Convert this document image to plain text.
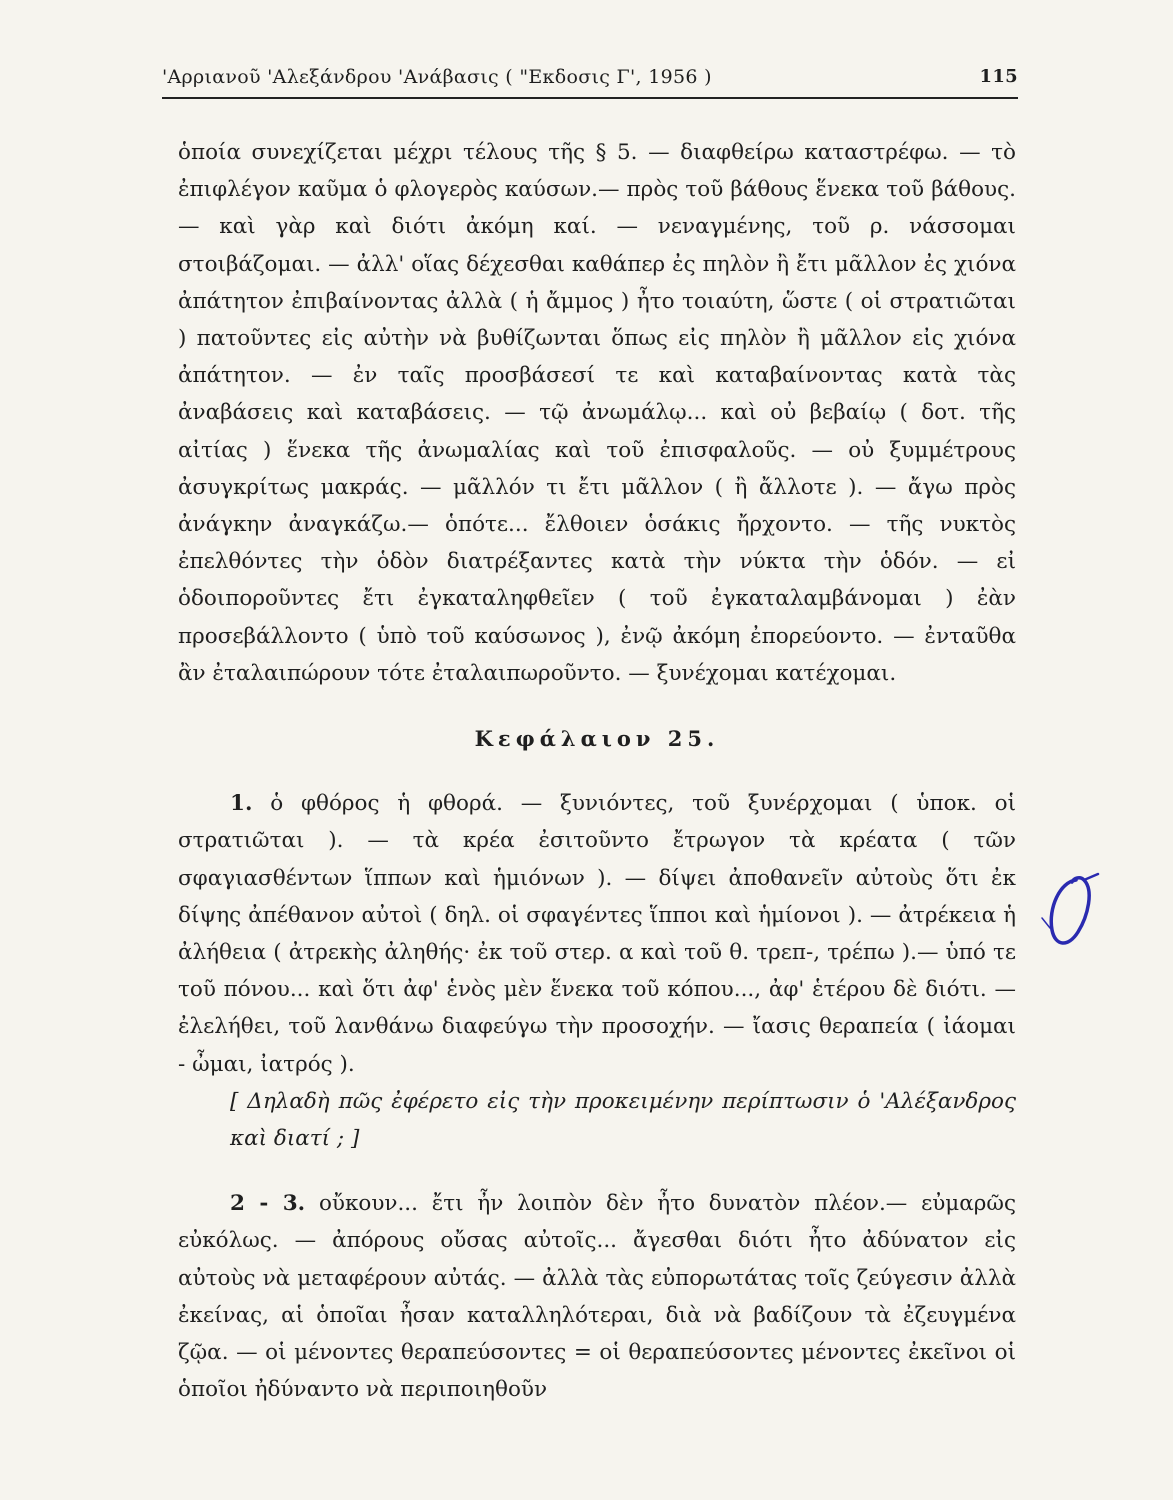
'Αρριανοῦ 'Αλεξάνδρου 'Ανάβασις ( "Εκδοσις Γ', 1956 )	115

ὁποία συνεχίζεται μέχρι τέλους τῆς § 5. — διαφθείρω καταστρέφω. — τὸ ἐπιφλέγον καῦμα ὁ φλογερὸς καύσων.— πρὸς τοῦ βάθους ἕνεκα τοῦ βάθους. — καὶ γὰρ καὶ διότι ἀκόμη καί. — νεναγμένης, τοῦ ρ. νάσσομαι στοιβάζομαι. — ἀλλ' οἵας δέχεσθαι καθάπερ ἐς πηλὸν ἢ ἔτι μᾶλλον ἐς χιόνα ἀπάτητον ἐπιβαίνοντας ἀλλὰ ( ἡ ἄμμος ) ἦτο τοιαύτη, ὥστε ( οἱ στρατιῶται ) πατοῦντες εἰς αὐτὴν νὰ βυθίζωνται ὅπως εἰς πηλὸν ἢ μᾶλλον εἰς χιόνα ἀπάτητον. — ἐν ταῖς προσβάσεσί τε καὶ καταβαίνοντας κατὰ τὰς ἀναβάσεις καὶ καταβάσεις. — τῷ ἀνωμάλῳ... καὶ οὐ βεβαίῳ ( δοτ. τῆς αἰτίας ) ἕνεκα τῆς ἀνωμαλίας καὶ τοῦ ἐπισφαλοῦς. — οὐ ξυμμέτρους ἀσυγκρίτως μακράς. — μᾶλλόν τι ἔτι μᾶλλον ( ἢ ἄλλοτε ). — ἄγω πρὸς ἀνάγκην ἀναγκάζω.— ὁπότε... ἔλθοιεν ὁσάκις ἤρχοντο. — τῆς νυκτὸς ἐπελθόντες τὴν ὁδὸν διατρέξαντες κατὰ τὴν νύκτα τὴν ὁδόν. — εἰ ὁδοιποροῦντες ἔτι ἐγκαταληφθεῖεν ( τοῦ ἐγκαταλαμβάνομαι ) ἐὰν προσεβάλλοντο ( ὑπὸ τοῦ καύσωνος ), ἐνῷ ἀκόμη ἐπορεύοντο. — ἐνταῦθα ἂν ἐταλαιπώρουν τότε ἐταλαιπωροῦντο. — ξυνέχομαι κατέχομαι.

Κεφάλαιον 25.

1. ὁ φθόρος ἡ φθορά. — ξυνιόντες, τοῦ ξυνέρχομαι ( ὑποκ. οἱ στρατιῶται ). — τὰ κρέα ἐσιτοῦντο ἔτρωγον τὰ κρέατα ( τῶν σφαγιασθέντων ἵππων καὶ ἡμιόνων ). — δίψει ἀποθανεῖν αὐτοὺς ὅτι ἐκ δίψης ἀπέθανον αὐτοὶ ( δηλ. οἱ σφαγέντες ἵπποι καὶ ἡμίονοι ). — ἀτρέκεια ἡ ἀλήθεια ( ἀτρεκὴς ἀληθής· ἐκ τοῦ στερ. α καὶ τοῦ θ. τρεπ-, τρέπω ).— ὑπό τε τοῦ πόνου... καὶ ὅτι ἀφ' ἑνὸς μὲν ἕνεκα τοῦ κόπου..., ἀφ' ἑτέρου δὲ διότι. — ἐλελήθει, τοῦ λανθάνω διαφεύγω τὴν προσοχήν. — ἴασις θεραπεία ( ἰάομαι - ὦμαι, ἰατρός ).

[ Δηλαδὴ πῶς ἐφέρετο εἰς τὴν προκειμένην περίπτωσιν ὁ 'Αλέξανδρος καὶ διατί ; ]

2 - 3. οὔκουν... ἔτι ἦν λοιπὸν δὲν ἦτο δυνατὸν πλέον.— εὐμαρῶς εὐκόλως. — ἀπόρους οὔσας αὐτοῖς... ἄγεσθαι διότι ἦτο ἀδύνατον εἰς αὐτοὺς νὰ μεταφέρουν αὐτάς. — ἀλλὰ τὰς εὐπορωτάτας τοῖς ζεύγεσιν ἀλλὰ ἐκείνας, αἱ ὁποῖαι ἦσαν καταλληλότεραι, διὰ νὰ βαδίζουν τὰ ἐζευγμένα ζῷα. — οἱ μένοντες θεραπεύσοντες = οἱ θεραπεύσοντες μένοντες ἐκεῖνοι οἱ ὁποῖοι ἠδύναντο νὰ περιποιηθοῦν
